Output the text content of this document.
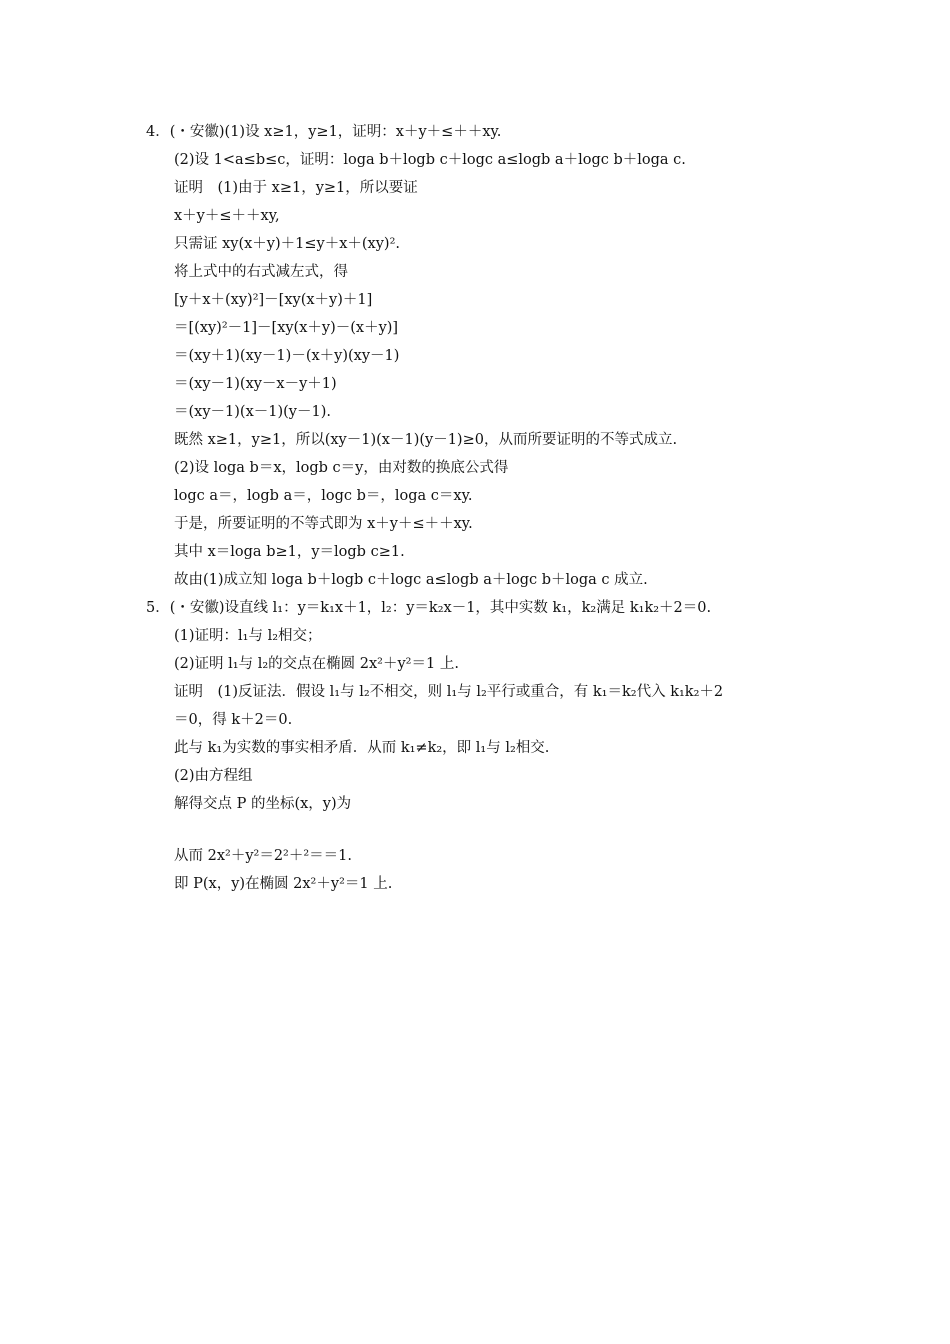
4．(・安徽)(1)设 x≥1，y≥1，证明：x＋y＋≤＋＋xy.
(2)设 1<a≤b≤c，证明：loga b＋logb c＋logc a≤logb a＋logc b＋loga c.
证明　(1)由于 x≥1，y≥1，所以要证
x＋y＋≤＋＋xy,
只需证 xy(x＋y)＋1≤y＋x＋(xy)².
将上式中的右式减左式，得
[y＋x＋(xy)²]－[xy(x＋y)＋1]
＝[(xy)²－1]－[xy(x＋y)－(x＋y)]
＝(xy＋1)(xy－1)－(x＋y)(xy－1)
＝(xy－1)(xy－x－y＋1)
＝(xy－1)(x－1)(y－1).
既然 x≥1，y≥1，所以(xy－1)(x－1)(y－1)≥0，从而所要证明的不等式成立.
(2)设 loga b＝x，logb c＝y，由对数的换底公式得
logc a＝，logb a＝，logc b＝，loga c＝xy.
于是，所要证明的不等式即为 x＋y＋≤＋＋xy.
其中 x＝loga b≥1，y＝logb c≥1.
故由(1)成立知 loga b＋logb c＋logc a≤logb a＋logc b＋loga c 成立.
5．(・安徽)设直线 l₁：y＝k₁x＋1，l₂：y＝k₂x－1，其中实数 k₁，k₂满足 k₁k₂＋2＝0.
(1)证明：l₁与 l₂相交；
(2)证明 l₁与 l₂的交点在椭圆 2x²＋y²＝1 上.
证明　(1)反证法．假设 l₁与 l₂不相交，则 l₁与 l₂平行或重合，有 k₁＝k₂代入 k₁k₂＋2
＝0，得 k＋2＝0.
此与 k₁为实数的事实相矛盾．从而 k₁≠k₂，即 l₁与 l₂相交.
(2)由方程组
解得交点 P 的坐标(x，y)为
从而 2x²＋y²＝2²＋²＝＝1.
即 P(x，y)在椭圆 2x²＋y²＝1 上.
